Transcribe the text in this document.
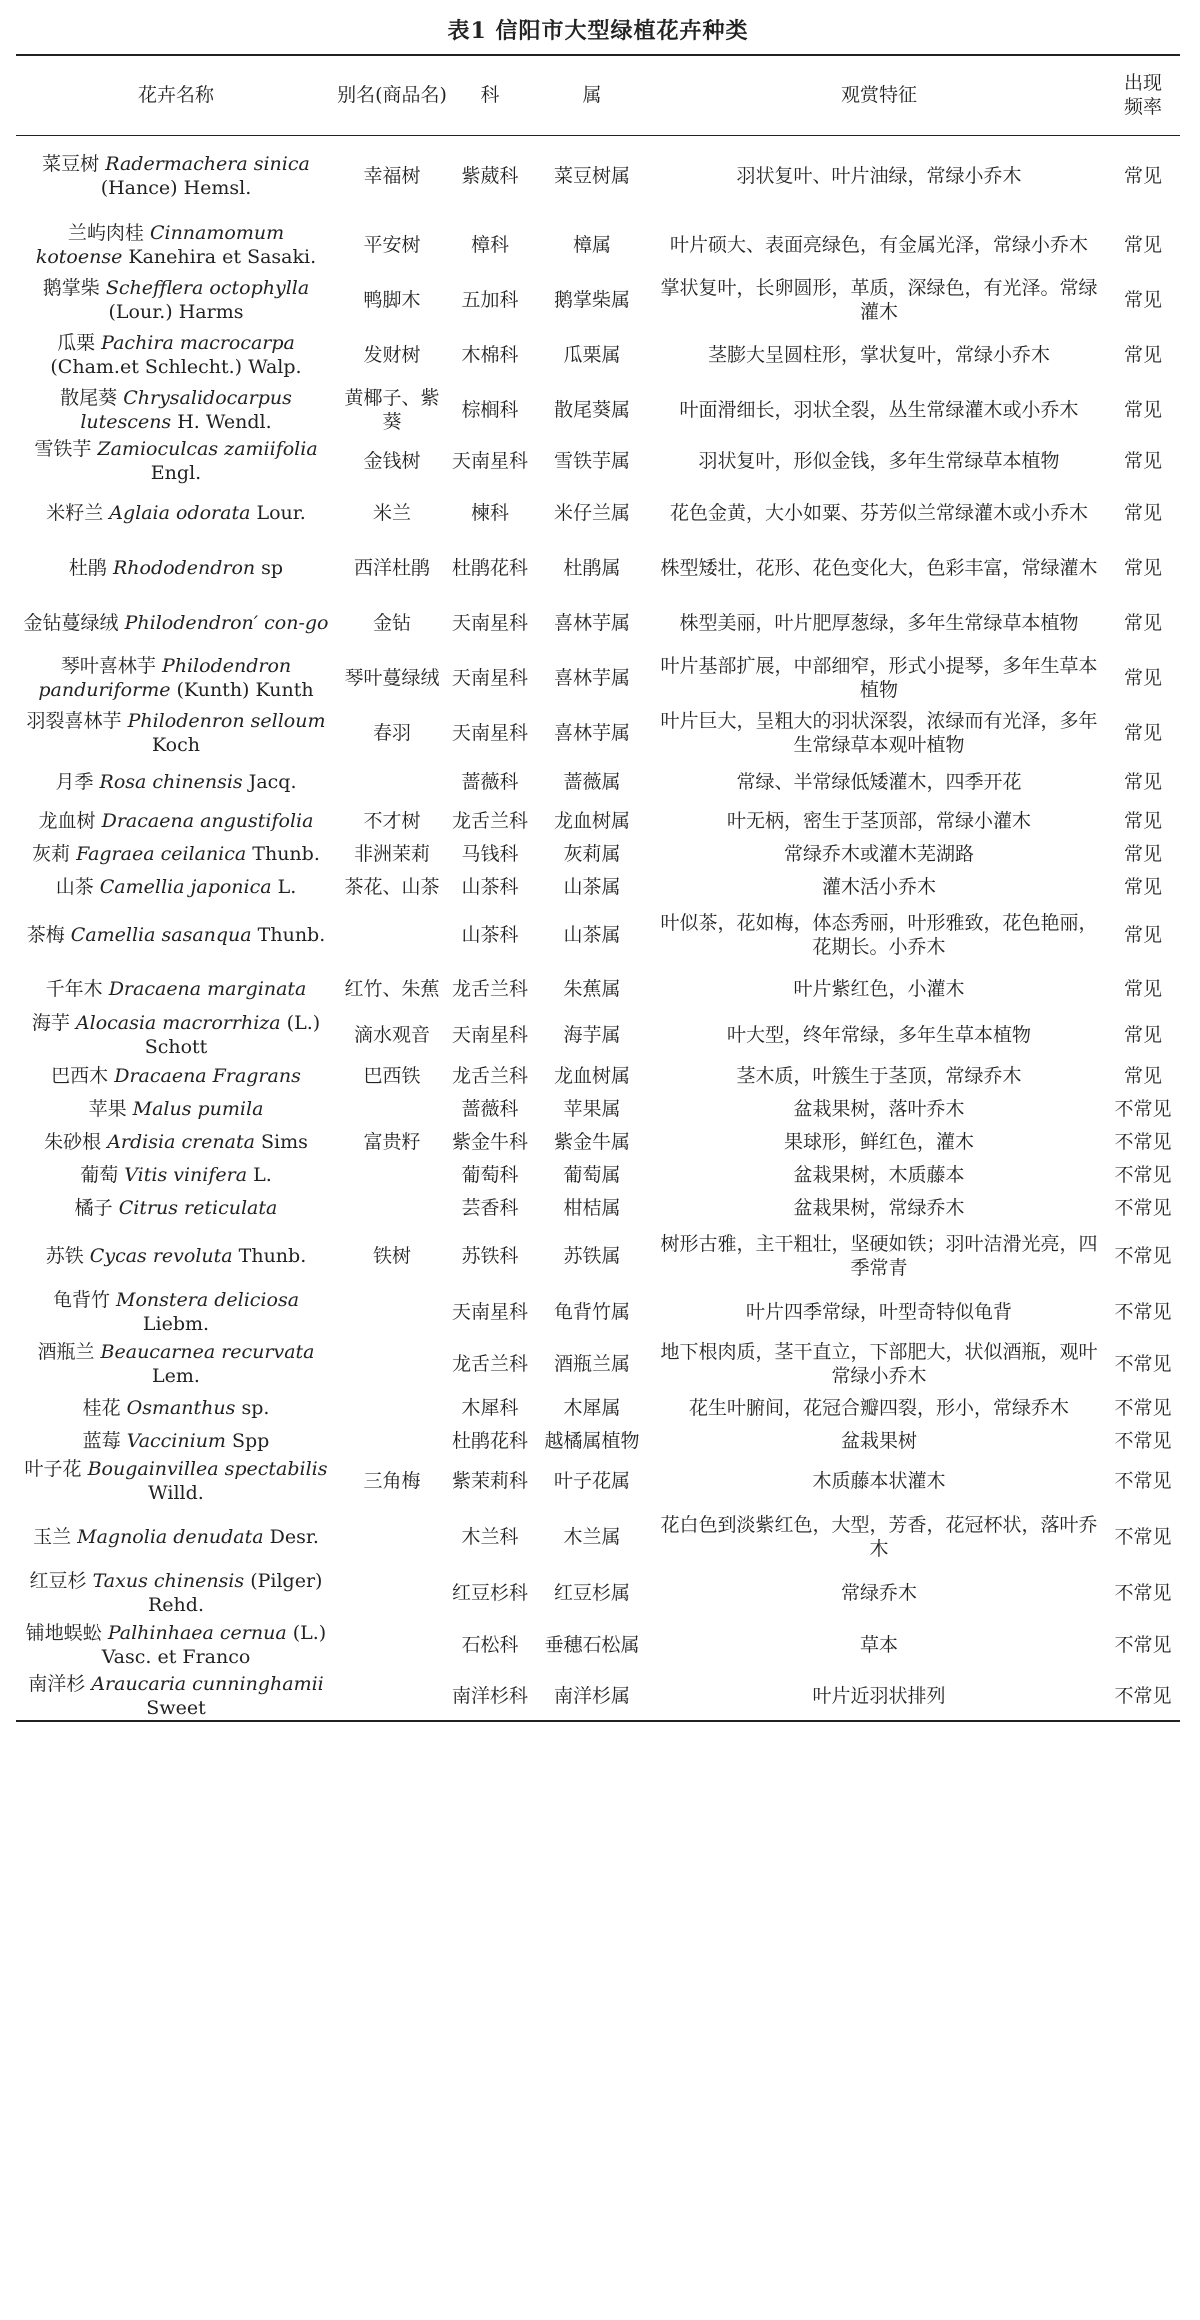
表1 信阳市大型绿植花卉种类
花卉名称	别名(商品名)	科	属	观赏特征	出现
频率
菜豆树 Radermachera sinica (Hance) Hemsl.	幸福树	紫葳科	菜豆树属	羽状复叶、叶片油绿，常绿小乔木	常见
兰屿肉桂 Cinnamomum kotoense Kanehira et Sasaki.	平安树	樟科	樟属	叶片硕大、表面亮绿色，有金属光泽，常绿小乔木	常见
鹅掌柴 Schefflera octophylla (Lour.) Harms	鸭脚木	五加科	鹅掌柴属	掌状复叶，长卵圆形，革质，深绿色，有光泽。常绿灌木	常见
瓜栗 Pachira macrocarpa (Cham.et Schlecht.) Walp.	发财树	木棉科	瓜栗属	茎膨大呈圆柱形，掌状复叶，常绿小乔木	常见
散尾葵 Chrysalidocarpus lutescens H. Wendl.	黄椰子、紫葵	棕榈科	散尾葵属	叶面滑细长，羽状全裂，丛生常绿灌木或小乔木	常见
雪铁芋 Zamioculcas zamiifolia Engl.	金钱树	天南星科	雪铁芋属	羽状复叶，形似金钱，多年生常绿草本植物	常见
米籽兰 Aglaia odorata Lour.	米兰	楝科	米仔兰属	花色金黄，大小如粟、芬芳似兰常绿灌木或小乔木	常见
杜鹃 Rhododendron sp	西洋杜鹃	杜鹃花科	杜鹃属	株型矮壮，花形、花色变化大，色彩丰富，常绿灌木	常见
金钻蔓绿绒 Philodendron′ con-go	金钻	天南星科	喜林芋属	株型美丽，叶片肥厚葱绿，多年生常绿草本植物	常见
琴叶喜林芋 Philodendron panduriforme (Kunth) Kunth	琴叶蔓绿绒	天南星科	喜林芋属	叶片基部扩展，中部细窄，形式小提琴，多年生草本植物	常见
羽裂喜林芋 Philodenron selloum Koch	春羽	天南星科	喜林芋属	叶片巨大，呈粗大的羽状深裂，浓绿而有光泽，多年生常绿草本观叶植物	常见
月季 Rosa chinensis Jacq.		蔷薇科	蔷薇属	常绿、半常绿低矮灌木，四季开花	常见
龙血树 Dracaena angustifolia	不才树	龙舌兰科	龙血树属	叶无柄，密生于茎顶部，常绿小灌木	常见
灰莉 Fagraea ceilanica Thunb.	非洲茉莉	马钱科	灰莉属	常绿乔木或灌木芜湖路	常见
山茶 Camellia japonica L.	茶花、山茶	山茶科	山茶属	灌木活小乔木	常见
茶梅 Camellia sasanqua Thunb.		山茶科	山茶属	叶似茶，花如梅，体态秀丽，叶形雅致，花色艳丽，花期长。小乔木	常见
千年木 Dracaena marginata	红竹、朱蕉	龙舌兰科	朱蕉属	叶片紫红色，小灌木	常见
海芋 Alocasia macrorrhiza (L.) Schott	滴水观音	天南星科	海芋属	叶大型，终年常绿，多年生草本植物	常见
巴西木 Dracaena Fragrans	巴西铁	龙舌兰科	龙血树属	茎木质，叶簇生于茎顶，常绿乔木	常见
苹果 Malus pumila		蔷薇科	苹果属	盆栽果树，落叶乔木	不常见
朱砂根 Ardisia crenata Sims	富贵籽	紫金牛科	紫金牛属	果球形，鲜红色，灌木	不常见
葡萄 Vitis vinifera L.		葡萄科	葡萄属	盆栽果树，木质藤本	不常见
橘子 Citrus reticulata		芸香科	柑桔属	盆栽果树，常绿乔木	不常见
苏铁 Cycas revoluta Thunb.	铁树	苏铁科	苏铁属	树形古雅，主干粗壮，坚硬如铁；羽叶洁滑光亮，四季常青	不常见
龟背竹 Monstera deliciosa Liebm.		天南星科	龟背竹属	叶片四季常绿，叶型奇特似龟背	不常见
酒瓶兰 Beaucarnea recurvata Lem.		龙舌兰科	酒瓶兰属	地下根肉质，茎干直立，下部肥大，状似酒瓶，观叶常绿小乔木	不常见
桂花 Osmanthus sp.		木犀科	木犀属	花生叶腑间，花冠合瓣四裂，形小，常绿乔木	不常见
蓝莓 Vaccinium Spp		杜鹃花科	越橘属植物	盆栽果树	不常见
叶子花 Bougainvillea spectabilis Willd.	三角梅	紫茉莉科	叶子花属	木质藤本状灌木	不常见
玉兰 Magnolia denudata Desr.		木兰科	木兰属	花白色到淡紫红色，大型，芳香，花冠杯状，落叶乔木	不常见
红豆杉 Taxus chinensis (Pilger) Rehd.		红豆杉科	红豆杉属	常绿乔木	不常见
铺地蜈蚣 Palhinhaea cernua (L.) Vasc. et Franco		石松科	垂穗石松属	草本	不常见
南洋杉 Araucaria cunninghamii Sweet		南洋杉科	南洋杉属	叶片近羽状排列	不常见
